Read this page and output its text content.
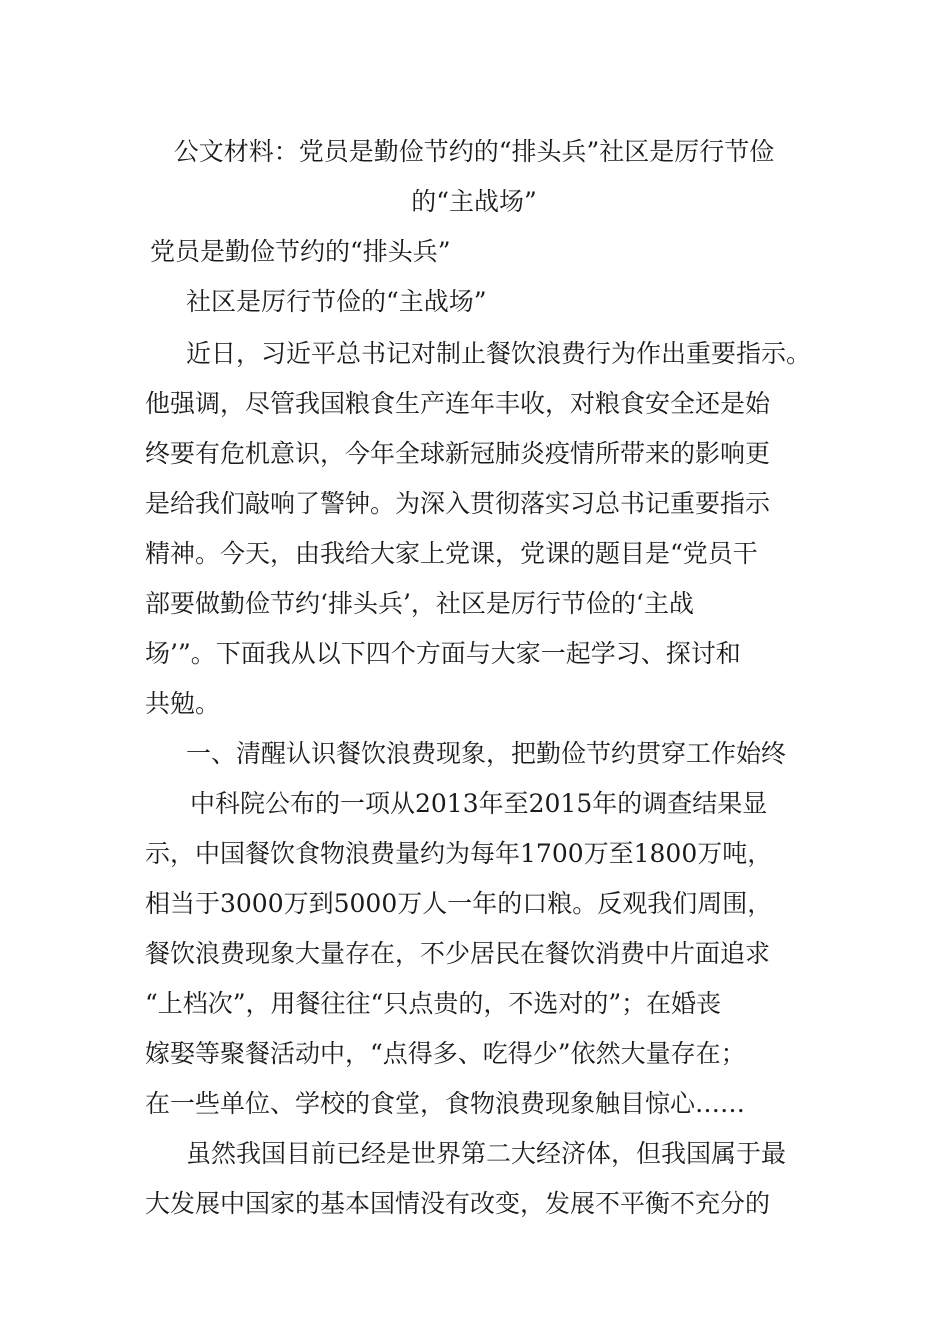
公文材料：党员是勤俭节约的“排头兵”社区是厉行节俭

的“主战场”

党员是勤俭节约的“排头兵”

社区是厉行节俭的“主战场”

近日，习近平总书记对制止餐饮浪费行为作出重要指示。

他强调，尽管我国粮食生产连年丰收，对粮食安全还是始

终要有危机意识，今年全球新冠肺炎疫情所带来的影响更

是给我们敲响了警钟。为深入贯彻落实习总书记重要指示

精神。今天，由我给大家上党课，党课的题目是“党员干

部要做勤俭节约‘排头兵’，社区是厉行节俭的‘主战

场’”。下面我从以下四个方面与大家一起学习、探讨和

共勉。

一、清醒认识餐饮浪费现象，把勤俭节约贯穿工作始终

中科院公布的一项从2013年至2015年的调查结果显

示，中国餐饮食物浪费量约为每年1700万至1800万吨，

相当于3000万到5000万人一年的口粮。反观我们周围，

餐饮浪费现象大量存在，不少居民在餐饮消费中片面追求

“上档次”，用餐往往“只点贵的，不选对的”；在婚丧

嫁娶等聚餐活动中，“点得多、吃得少”依然大量存在；

在一些单位、学校的食堂，食物浪费现象触目惊心……

虽然我国目前已经是世界第二大经济体，但我国属于最

大发展中国家的基本国情没有改变，发展不平衡不充分的
